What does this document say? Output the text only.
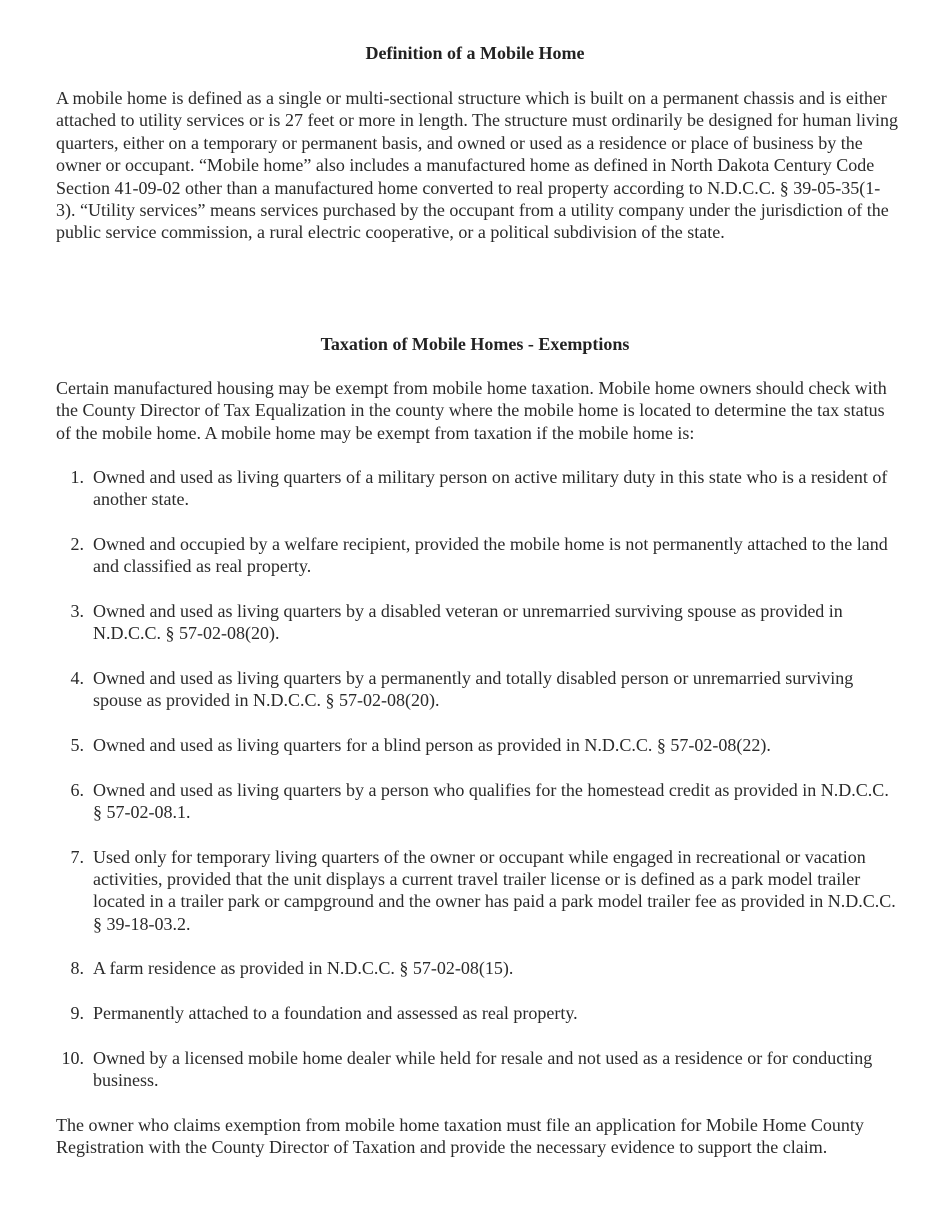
Definition of a Mobile Home

A mobile home is defined as a single or multi-sectional structure which is built on a permanent chassis and is either attached to utility services or is 27 feet or more in length. The structure must ordinarily be designed for human living quarters, either on a temporary or permanent basis, and owned or used as a residence or place of business by the owner or occupant. “Mobile home” also includes a manufactured home as defined in North Dakota Century Code Section 41-09-02 other than a manufactured home converted to real property according to N.D.C.C. § 39-05-35(1-3). “Utility services” means services purchased by the occupant from a utility company under the jurisdiction of the public service commission, a rural electric cooperative, or a political subdivision of the state.

Taxation of Mobile Homes - Exemptions

Certain manufactured housing may be exempt from mobile home taxation. Mobile home owners should check with the County Director of Tax Equalization in the county where the mobile home is located to determine the tax status of the mobile home. A mobile home may be exempt from taxation if the mobile home is:

1. Owned and used as living quarters of a military person on active military duty in this state who is a resident of another state.
2. Owned and occupied by a welfare recipient, provided the mobile home is not permanently attached to the land and classified as real property.
3. Owned and used as living quarters by a disabled veteran or unremarried surviving spouse as provided in N.D.C.C. § 57-02-08(20).
4. Owned and used as living quarters by a permanently and totally disabled person or unremarried surviving spouse as provided in N.D.C.C. § 57-02-08(20).
5. Owned and used as living quarters for a blind person as provided in N.D.C.C. § 57-02-08(22).
6. Owned and used as living quarters by a person who qualifies for the homestead credit as provided in N.D.C.C. § 57-02-08.1.
7. Used only for temporary living quarters of the owner or occupant while engaged in recreational or vacation activities, provided that the unit displays a current travel trailer license or is defined as a park model trailer located in a trailer park or campground and the owner has paid a park model trailer fee as provided in N.D.C.C. § 39-18-03.2.
8. A farm residence as provided in N.D.C.C. § 57-02-08(15).
9. Permanently attached to a foundation and assessed as real property.
10. Owned by a licensed mobile home dealer while held for resale and not used as a residence or for conducting business.

The owner who claims exemption from mobile home taxation must file an application for Mobile Home County Registration with the County Director of Taxation and provide the necessary evidence to support the claim.
